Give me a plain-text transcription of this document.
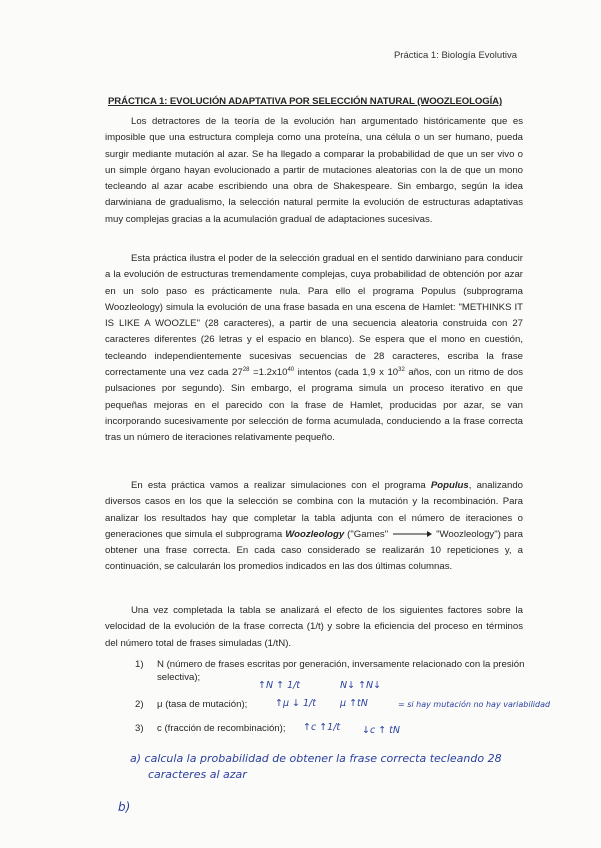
Práctica 1: Biología Evolutiva
PRÁCTICA 1: EVOLUCIÓN ADAPTATIVA POR SELECCIÓN NATURAL (WOOZLEOLOGÍA)

Los detractores de la teoría de la evolución han argumentado históricamente que es imposible que una estructura compleja como una proteína, una célula o un ser humano, pueda surgir mediante mutación al azar. Se ha llegado a comparar la probabilidad de que un ser vivo o un simple órgano hayan evolucionado a partir de mutaciones aleatorias con la de que un mono tecleando al azar acabe escribiendo una obra de Shakespeare. Sin embargo, según la idea darwiniana de gradualismo, la selección natural permite la evolución de estructuras adaptativas muy complejas gracias a la acumulación gradual de adaptaciones sucesivas.

Esta práctica ilustra el poder de la selección gradual en el sentido darwiniano para conducir a la evolución de estructuras tremendamente complejas, cuya probabilidad de obtención por azar en un solo paso es prácticamente nula. Para ello el programa Populus (subprograma Woozleology) simula la evolución de una frase basada en una escena de Hamlet: "METHINKS IT IS LIKE A WOOZLE" (28 caracteres), a partir de una secuencia aleatoria construida con 27 caracteres diferentes (26 letras y el espacio en blanco). Se espera que el mono en cuestión, tecleando independientemente sucesivas secuencias de 28 caracteres, escriba la frase correctamente una vez cada $27^{28} =1.2x10^{40}$ intentos (cada 1,9 x $10^{32}$ años, con un ritmo de dos pulsaciones por segundo). Sin embargo, el programa simula un proceso iterativo en que pequeñas mejoras en el parecido con la frase de Hamlet, producidas por azar, se van incorporando sucesivamente por selección de forma acumulada, conduciendo a la frase correcta tras un número de iteraciones relativamente pequeño.

En esta práctica vamos a realizar simulaciones con el programa Populus, analizando diversos casos en los que la selección se combina con la mutación y la recombinación. Para analizar los resultados hay que completar la tabla adjunta con el número de iteraciones o generaciones que simula el subprograma Woozleology ("Games"	"Woozleology") para obtener una frase correcta. En cada caso considerado se realizarán 10 repeticiones y, a continuación, se calcularán los promedios indicados en las dos últimas columnas.

Una vez completada la tabla se analizará el efecto de los siguientes factores sobre la velocidad de la evolución de la frase correcta (1/t) y sobre la eficiencia del proceso en términos del número total de frases simuladas (1/tN).

1) N (número de frases escritas por generación, inversamente relacionado con la presión selectiva);
2) μ (tasa de mutación);
3) c (fracción de recombinación);
↑N ↑ 1/t	N↓ ↑N↓
↑μ ↓ 1/t	μ ↑tN	= si hay mutación no hay variabilidad
↑c ↑1/t ↓c ↑ tN
a) calcula la probabilidad de obtener la frase correcta tecleando 28
caracteres al azar
b)
